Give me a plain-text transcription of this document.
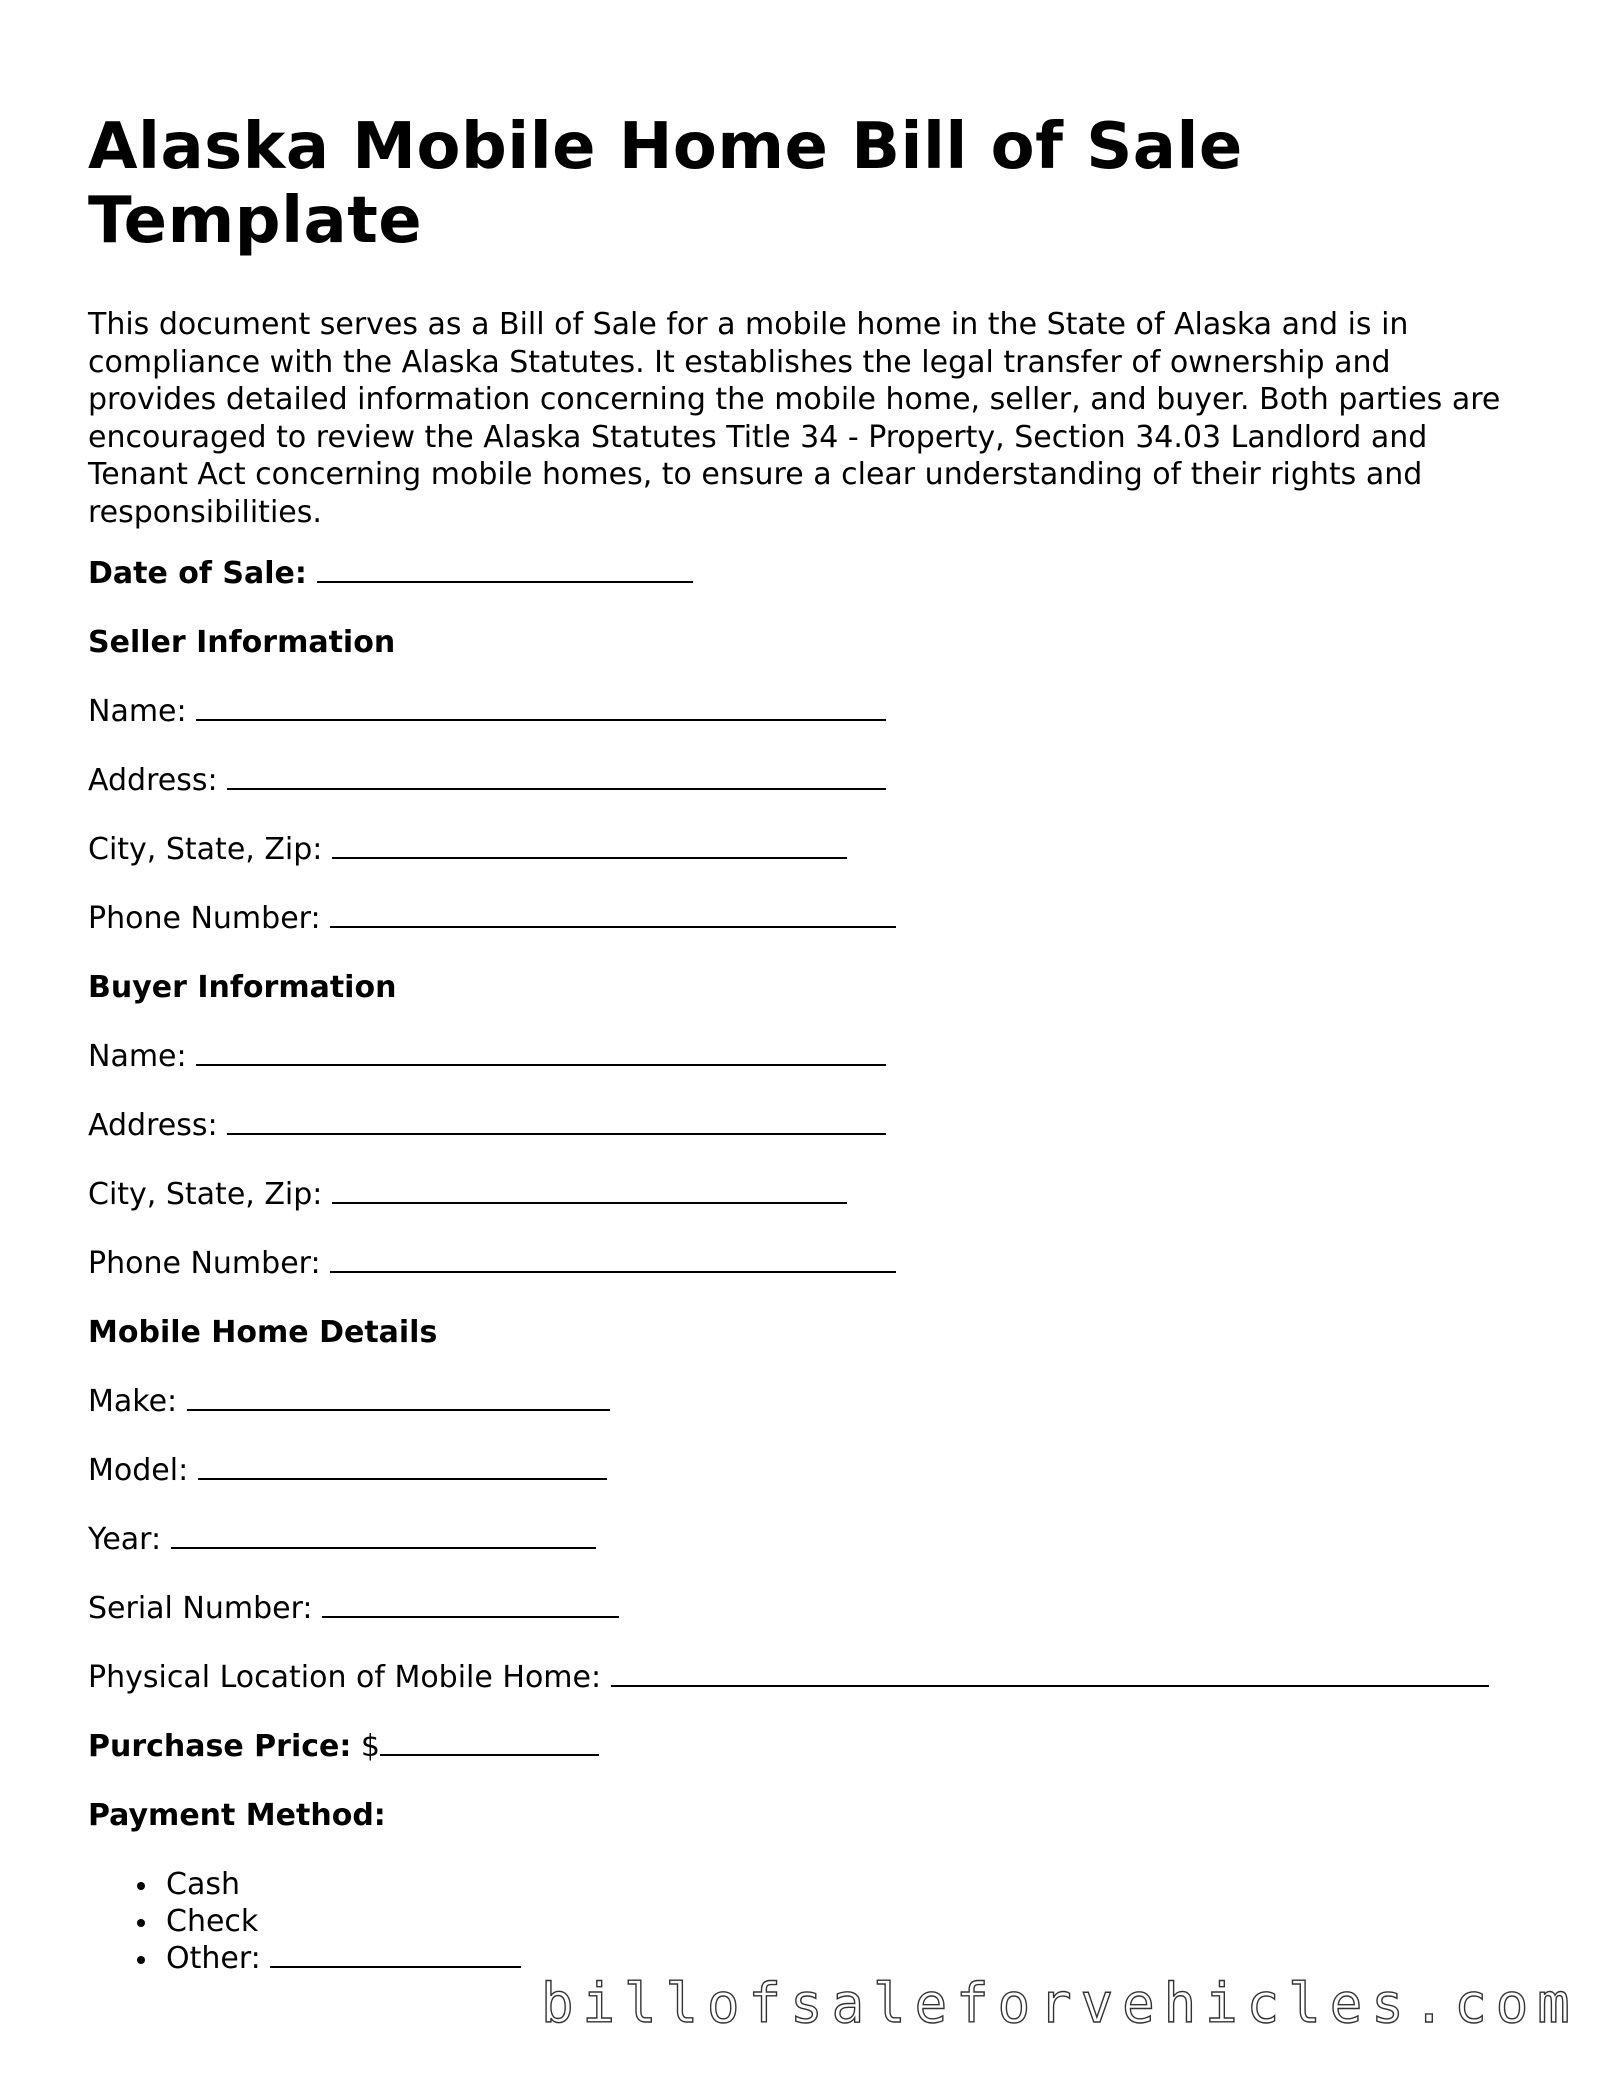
Alaska Mobile Home Bill of Sale Template

This document serves as a Bill of Sale for a mobile home in the State of Alaska and is in compliance with the Alaska Statutes. It establishes the legal transfer of ownership and provides detailed information concerning the mobile home, seller, and buyer. Both parties are encouraged to review the Alaska Statutes Title 34 - Property, Section 34.03 Landlord and Tenant Act concerning mobile homes, to ensure a clear understanding of their rights and responsibilities.

Date of Sale:
Seller Information
Name:
Address:
City, State, Zip:
Phone Number:
Buyer Information
Name:
Address:
City, State, Zip:
Phone Number:
Mobile Home Details
Make:
Model:
Year:
Serial Number:
Physical Location of Mobile Home:
Purchase Price: $
Payment Method:
Cash
Check
Other:
billofsaleforvehicles.com
